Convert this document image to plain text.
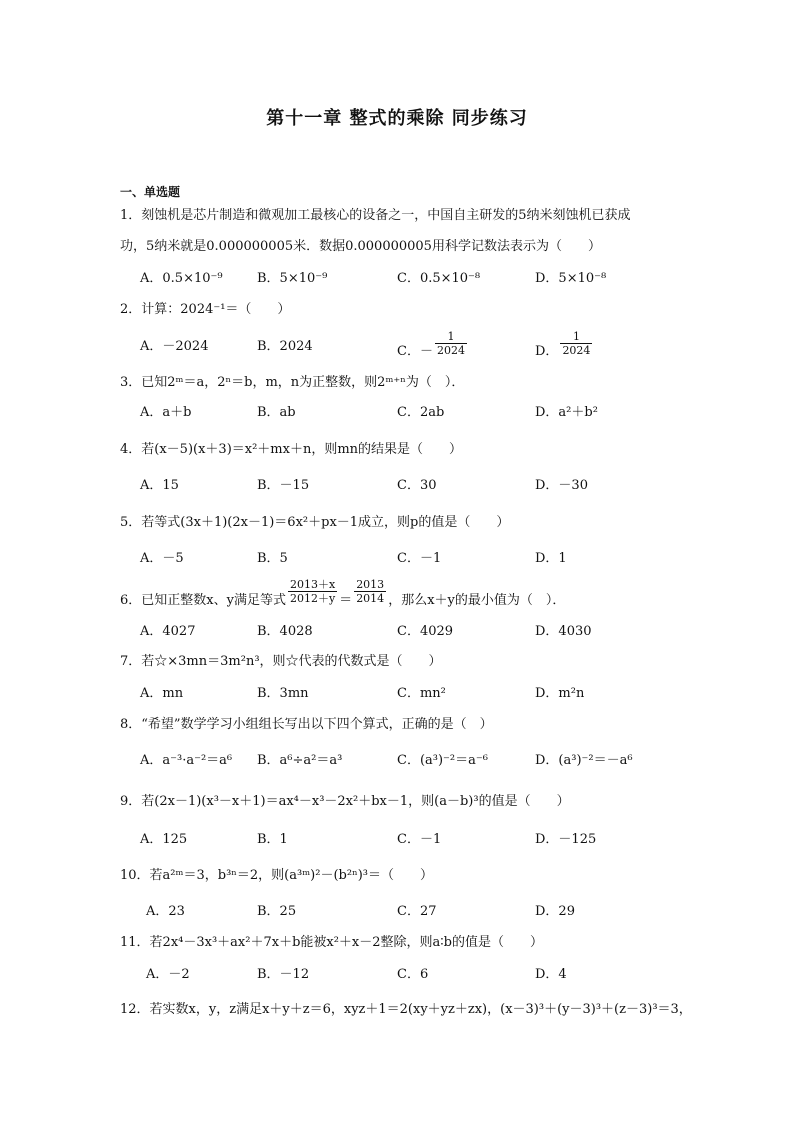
第十一章 整式的乘除 同步练习
一、单选题
1．刻蚀机是芯片制造和微观加工最核心的设备之一，中国自主研发的5纳米刻蚀机已获成
功，5纳米就是0.000000005米．数据0.000000005用科学记数法表示为（　　）
A．0.5×10⁻⁹	B．5×10⁻⁹	C．0.5×10⁻⁸	D．5×10⁻⁸
2．计算：2024⁻¹＝（　　）
A．－2024	B．2024	C．－ $\frac{1}{2024}$	D． $\frac{1}{2024}$
3．已知2ᵐ＝a，2ⁿ＝b，m，n为正整数，则2ᵐ⁺ⁿ为（　）．
A．a＋b	B．ab	C．2ab	D．a²＋b²
4．若(x－5)(x＋3)＝x²＋mx＋n，则mn的结果是（　　）
A．15	B．－15	C．30	D．－30
5．若等式(3x＋1)(2x－1)＝6x²＋px－1成立，则p的值是（　　）
A．－5	B．5	C．－1	D．1
6．已知正整数x、y满足等式 $\frac{2013+x}{2012+y} = \frac{2013}{2014}$ ，那么x＋y的最小值为（　）．
A．4027	B．4028	C．4029	D．4030
7．若☆×3mn＝3m²n³，则☆代表的代数式是（　　）
A．mn	B．3mn	C．mn²	D．m²n
8．“希望”数学学习小组组长写出以下四个算式，正确的是（　）
A．a⁻³·a⁻²＝a⁶ B．a⁶÷a²＝a³	C．(a³)⁻²＝a⁻⁶	D．(a³)⁻²＝－a⁶
9．若(2x－1)(x³－x＋1)＝ax⁴－x³－2x²＋bx－1，则(a－b)³的值是（　　）
A．125	B．1	C．－1	D．－125
10．若a²ᵐ＝3，b³ⁿ＝2，则(a³ᵐ)²－(b²ⁿ)³＝（　　）
A．23	B．25	C．27	D．29
11．若2x⁴－3x³＋ax²＋7x＋b能被x²＋x－2整除，则a∶b的值是（　　）
A．－2	B．－12	C．6	D．4
12．若实数x，y，z满足x＋y＋z＝6，xyz＋1＝2(xy＋yz＋zx)，(x－3)³＋(y－3)³＋(z－3)³＝3，
